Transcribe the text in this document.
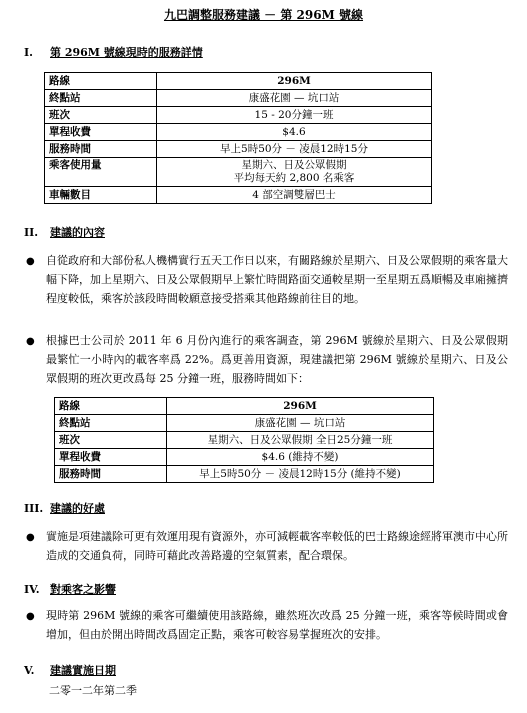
九巴調整服務建議 － 第 296M 號線
I. 第 296M 號線現時的服務詳情
路線	296M
終點站	康盛花園 — 坑口站
班次	15 - 20分鐘一班
單程收費	$4.6
服務時間	早上5時50分 － 凌晨12時15分
乘客使用量	星期六、日及公眾假期
平均每天約 2,800 名乘客

車輛數目	4 部空調雙層巴士
II. 建議的內容
● 自從政府和大部份私人機構實行五天工作日以來，有關路線於星期六、日及公眾假期的乘客量大幅下降，加上星期六、日及公眾假期早上繁忙時間路面交通較星期一至星期五爲順暢及車廂擁擠程度較低，乘客於該段時間較願意接受搭乘其他路線前往目的地。
● 根據巴士公司於 2011 年 6 月份內進行的乘客調查，第 296M 號線於星期六、日及公眾假期最繁忙一小時內的載客率爲 22%。爲更善用資源，現建議把第 296M 號線於星期六、日及公眾假期的班次更改爲每 25 分鐘一班，服務時間如下：
路線	296M
終點站	康盛花園 — 坑口站
班次	星期六、日及公眾假期 全日25分鐘一班
單程收費	$4.6 (維持不變)
服務時間	早上5時50分 － 凌晨12時15分 (維持不變)
III. 建議的好處
● 實施是項建議除可更有效運用現有資源外，亦可減輕載客率較低的巴士路線途經將軍澳市中心所造成的交通負荷，同時可藉此改善路邊的空氣質素，配合環保。
IV. 對乘客之影響
● 現時第 296M 號線的乘客可繼續使用該路線，雖然班次改爲 25 分鐘一班，乘客等候時間或會增加，但由於開出時間改爲固定正點，乘客可較容易掌握班次的安排。
V. 建議實施日期
二零一二年第二季
